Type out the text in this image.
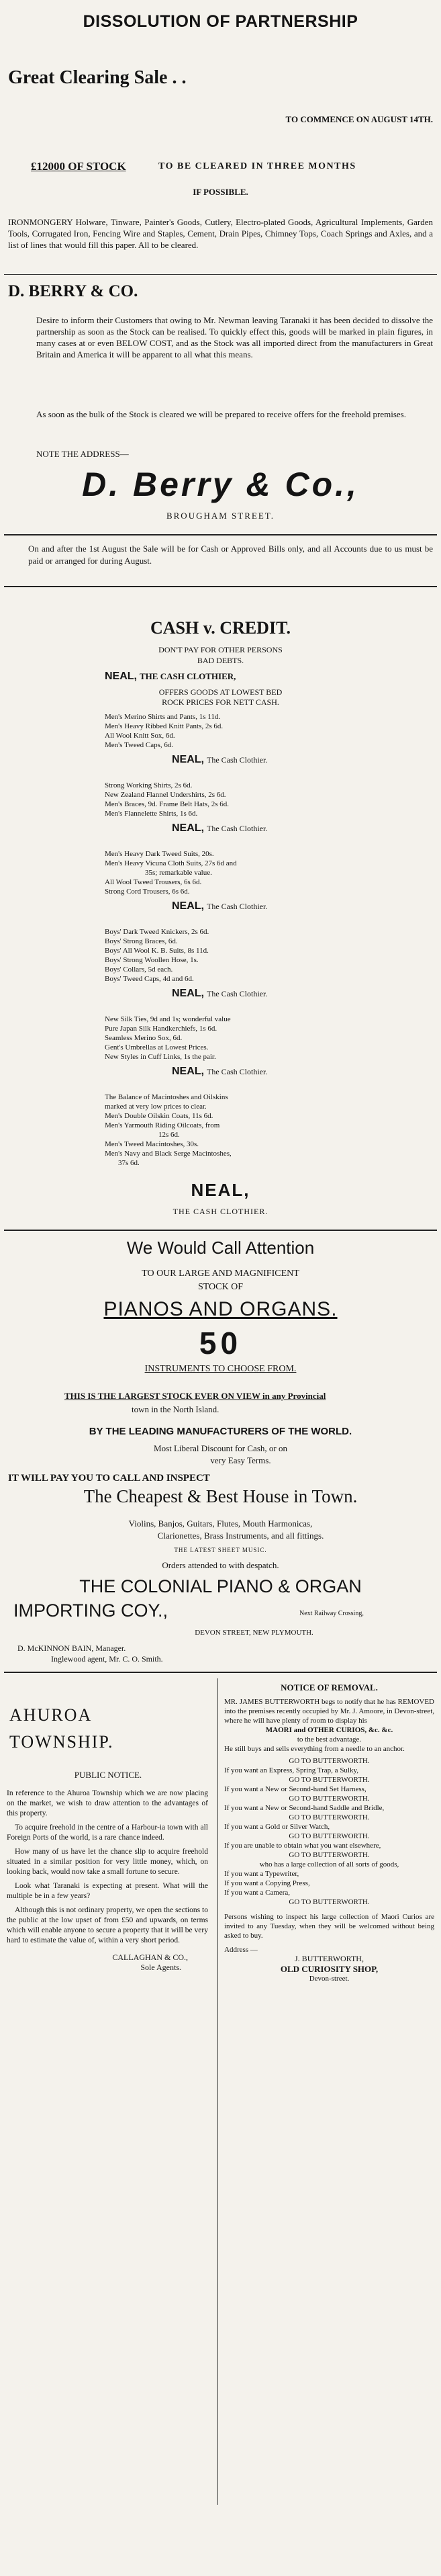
DISSOLUTION OF PARTNERSHIP
Great Clearing Sale . .
TO COMMENCE ON AUGUST 14TH.
£12000 OF STOCK	TO BE CLEARED IN THREE MONTHS
IF POSSIBLE.
IRONMONGERY Holware, Tinware, Painter's Goods, Cutlery, Electro-plated Goods, Agricultural Implements, Garden Tools, Corrugated Iron, Fencing Wire and Staples, Cement, Drain Pipes, Chimney Tops, Coach Springs and Axles, and a list of lines that would fill this paper. All to be cleared.
D. BERRY & CO.
Desire to inform their Customers that owing to Mr. Newman leaving Taranaki it has been decided to dissolve the partnership as soon as the Stock can be realised. To quickly effect this, goods will be marked in plain figures, in many cases at or even BELOW COST, and as the Stock was all imported direct from the manufacturers in Great Britain and America it will be apparent to all what this means.
As soon as the bulk of the Stock is cleared we will be prepared to receive offers for the freehold premises.
NOTE THE ADDRESS—
D. Berry & Co.,
BROUGHAM STREET.
On and after the 1st August the Sale will be for Cash or Approved Bills only, and all Accounts due to us must be paid or arranged for during August.
CASH v. CREDIT.
DON'T PAY FOR OTHER PERSONS
BAD DEBTS.
NEAL, THE CASH CLOTHIER,
OFFERS GOODS AT LOWEST BED
ROCK PRICES FOR NETT CASH.

Men's Merino Shirts and Pants, 1s 11d.

Men's Heavy Ribbed Knitt Pants, 2s 6d.

All Wool Knitt Sox, 6d.

Men's Tweed Caps, 6d.

NEAL, The Cash Clothier.

Strong Working Shirts, 2s 6d.

New Zealand Flannel Undershirts, 2s 6d.

Men's Braces, 9d. Frame Belt Hats, 2s 6d.

Men's Flannelette Shirts, 1s 6d.

NEAL, The Cash Clothier.

Men's Heavy Dark Tweed Suits, 20s.

Men's Heavy Vicuna Cloth Suits, 27s 6d and

35s; remarkable value.

All Wool Tweed Trousers, 6s 6d.

Strong Cord Trousers, 6s 6d.

NEAL, The Cash Clothier.

Boys' Dark Tweed Knickers, 2s 6d.

Boys' Strong Braces, 6d.

Boys' All Wool K. B. Suits, 8s 11d.

Boys' Strong Woollen Hose, 1s.

Boys' Collars, 5d each.

Boys' Tweed Caps, 4d and 6d.

NEAL, The Cash Clothier.

New Silk Ties, 9d and 1s; wonderful value

Pure Japan Silk Handkerchiefs, 1s 6d.

Seamless Merino Sox, 6d.

Gent's Umbrellas at Lowest Prices.

New Styles in Cuff Links, 1s the pair.

NEAL, The Cash Clothier.

The Balance of Macintoshes and Oilskins

marked at very low prices to clear.

Men's Double Oilskin Coats, 11s 6d.

Men's Yarmouth Riding Oilcoats, from

12s 6d.

Men's Tweed Macintoshes, 30s.

Men's Navy and Black Serge Macintoshes,

37s 6d.

NEAL,
THE CASH CLOTHIER.
We Would Call Attention
TO OUR LARGE AND MAGNIFICENT
STOCK OF
PIANOS AND ORGANS.
50
INSTRUMENTS TO CHOOSE FROM.
THIS IS THE LARGEST STOCK EVER ON VIEW in any Provincial
town in the North Island.
BY THE LEADING MANUFACTURERS OF THE WORLD.
Most Liberal Discount for Cash, or on
very Easy Terms.
IT WILL PAY YOU TO CALL AND INSPECT
The Cheapest & Best House in Town.
Violins, Banjos, Guitars, Flutes, Mouth Harmonicas,
Clarionettes, Brass Instruments, and all fittings.
THE LATEST SHEET MUSIC.
Orders attended to with despatch.
THE COLONIAL PIANO & ORGAN
IMPORTING COY.,	Next Railway Crossing,
DEVON STREET, NEW PLYMOUTH.
D. McKINNON BAIN, Manager.
Inglewood agent, Mr. C. O. Smith.
AHUROA
TOWNSHIP.
PUBLIC NOTICE.

In reference to the Ahuroa Township which we are now placing on the market, we wish to draw attention to the advantages of this property.

To acquire freehold in the centre of a Harbour-ia town with all Foreign Ports of the world, is a rare chance indeed.

How many of us have let the chance slip to acquire freehold situated in a similar position for very little money, which, on looking back, would now take a small fortune to secure.

Look what Taranaki is expecting at present. What will the multiple be in a few years?

Although this is not ordinary property, we open the sections to the public at the low upset of from £50 and upwards, on terms which will enable anyone to secure a property that it will be very hard to estimate the value of, within a very short period.

CALLAGHAN & CO.,

Sole Agents.

NOTICE OF REMOVAL.

MR. JAMES BUTTERWORTH begs to notify that he has REMOVED into the premises recently occupied by Mr. J. Amoore, in Devon-street, where he will have plenty of room to display his

MAORI and OTHER CURIOS, &c. &c.

to the best advantage.

He still buys and sells everything from a needle to an anchor.

GO TO BUTTERWORTH.

If you want an Express, Spring Trap, a Sulky,

GO TO BUTTERWORTH.

If you want a New or Second-hand Set Harness,

GO TO BUTTERWORTH.

If you want a New or Second-hand Saddle and Bridle,

GO TO BUTTERWORTH.

If you want a Gold or Silver Watch,

GO TO BUTTERWORTH.

If you are unable to obtain what you want elsewhere,

GO TO BUTTERWORTH.

who has a large collection of all sorts of goods,

If you want a Typewriter,

If you want a Copying Press,

If you want a Camera,

GO TO BUTTERWORTH.

Persons wishing to inspect his large collection of Maori Curios are invited to any Tuesday, when they will be welcomed without being asked to buy.

Address —

J. BUTTERWORTH,

OLD CURIOSITY SHOP,

Devon-street.
